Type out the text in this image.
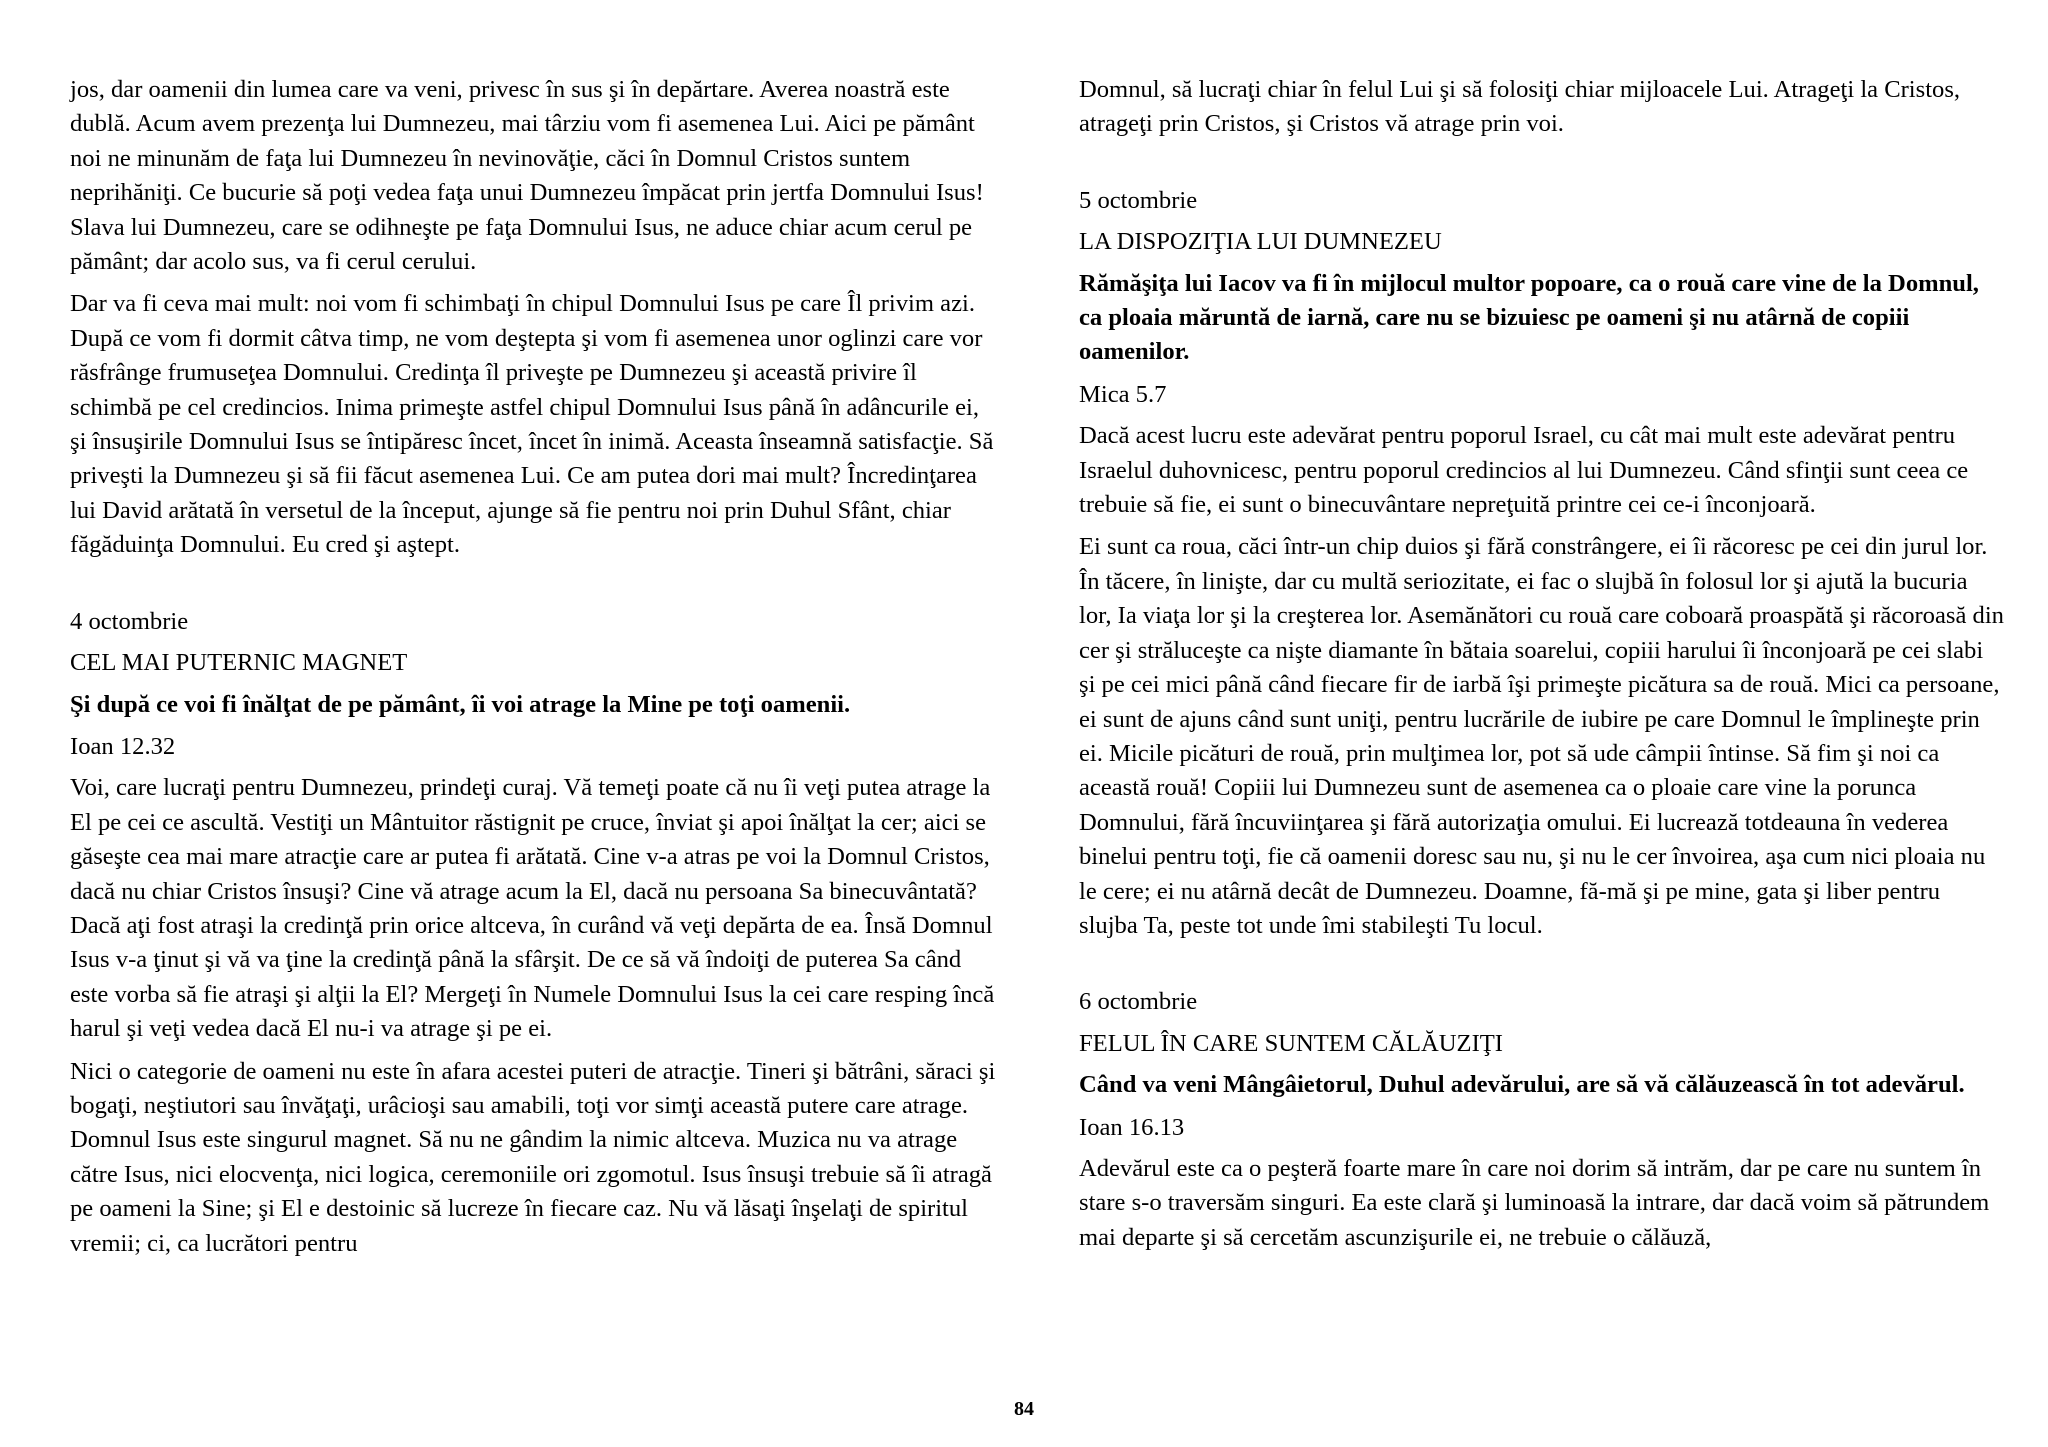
jos, dar oamenii din lumea care va veni, privesc în sus şi în depărtare. Averea noastră este dublă. Acum avem prezenţa lui Dumnezeu, mai târziu vom fi asemenea Lui. Aici pe pământ noi ne minunăm de faţa lui Dumnezeu în nevinovăţie, căci în Domnul Cristos suntem neprihăniţi. Ce bucurie să poţi vedea faţa unui Dumnezeu împăcat prin jertfa Domnului Isus! Slava lui Dumnezeu, care se odihneşte pe faţa Domnului Isus, ne aduce chiar acum cerul pe pământ; dar acolo sus, va fi cerul cerului.

Dar va fi ceva mai mult: noi vom fi schimbaţi în chipul Domnului Isus pe care Îl privim azi. După ce vom fi dormit câtva timp, ne vom deştepta şi vom fi asemenea unor oglinzi care vor răsfrânge frumuseţea Domnului. Credinţa îl priveşte pe Dumnezeu şi această privire îl schimbă pe cel credincios. Inima primeşte astfel chipul Domnului Isus până în adâncurile ei, şi însuşirile Domnului Isus se întipăresc încet, încet în inimă. Aceasta înseamnă satisfacţie. Să priveşti la Dumnezeu şi să fii făcut asemenea Lui. Ce am putea dori mai mult? Încredinţarea lui David arătată în versetul de la început, ajunge să fie pentru noi prin Duhul Sfânt, chiar făgăduinţa Domnului. Eu cred şi aştept.

4 octombrie

CEL MAI PUTERNIC MAGNET

Şi după ce voi fi înălţat de pe pământ, îi voi atrage la Mine pe toţi oamenii.

Ioan 12.32

Voi, care lucraţi pentru Dumnezeu, prindeţi curaj. Vă temeţi poate că nu îi veţi putea atrage la El pe cei ce ascultă. Vestiţi un Mântuitor răstignit pe cruce, înviat şi apoi înălţat la cer; aici se găseşte cea mai mare atracţie care ar putea fi arătată. Cine v-a atras pe voi la Domnul Cristos, dacă nu chiar Cristos însuşi? Cine vă atrage acum la El, dacă nu persoana Sa binecuvântată? Dacă aţi fost atraşi la credinţă prin orice altceva, în curând vă veţi depărta de ea. Însă Domnul Isus v-a ţinut şi vă va ţine la credinţă până la sfârşit. De ce să vă îndoiţi de puterea Sa când este vorba să fie atraşi şi alţii la El? Mergeţi în Numele Domnului Isus la cei care resping încă harul şi veţi vedea dacă El nu-i va atrage şi pe ei.

Nici o categorie de oameni nu este în afara acestei puteri de atracţie. Tineri şi bătrâni, săraci şi bogaţi, neştiutori sau învăţaţi, urâcioşi sau amabili, toţi vor simţi această putere care atrage. Domnul Isus este singurul magnet. Să nu ne gândim la nimic altceva. Muzica nu va atrage către Isus, nici elocvenţa, nici logica, ceremoniile ori zgomotul. Isus însuşi trebuie să îi atragă pe oameni la Sine; şi El e destoinic să lucreze în fiecare caz. Nu vă lăsaţi înşelaţi de spiritul vremii; ci, ca lucrători pentru

Domnul, să lucraţi chiar în felul Lui şi să folosiţi chiar mijloacele Lui. Atrageţi la Cristos, atrageţi prin Cristos, şi Cristos vă atrage prin voi.

5 octombrie

LA DISPOZIŢIA LUI DUMNEZEU

Rămăşiţa lui Iacov va fi în mijlocul multor popoare, ca o rouă care vine de la Domnul, ca ploaia măruntă de iarnă, care nu se bizuiesc pe oameni şi nu atârnă de copiii oamenilor.

Mica 5.7

Dacă acest lucru este adevărat pentru poporul Israel, cu cât mai mult este adevărat pentru Israelul duhovnicesc, pentru poporul credincios al lui Dumnezeu. Când sfinţii sunt ceea ce trebuie să fie, ei sunt o binecuvântare nepreţuită printre cei ce-i înconjoară.

Ei sunt ca roua, căci într-un chip duios şi fără constrângere, ei îi răcoresc pe cei din jurul lor. În tăcere, în linişte, dar cu multă seriozitate, ei fac o slujbă în folosul lor şi ajută la bucuria lor, Ia viaţa lor şi la creşterea lor. Asemănători cu rouă care coboară proaspătă şi răcoroasă din cer şi străluceşte ca nişte diamante în bătaia soarelui, copiii harului îi înconjoară pe cei slabi şi pe cei mici până când fiecare fir de iarbă îşi primeşte picătura sa de rouă. Mici ca persoane, ei sunt de ajuns când sunt uniţi, pentru lucrările de iubire pe care Domnul le împlineşte prin ei. Micile picături de rouă, prin mulţimea lor, pot să ude câmpii întinse. Să fim şi noi ca această rouă! Copiii lui Dumnezeu sunt de asemenea ca o ploaie care vine la porunca Domnului, fără încuviinţarea şi fără autorizaţia omului. Ei lucrează totdeauna în vederea binelui pentru toţi, fie că oamenii doresc sau nu, şi nu le cer învoirea, aşa cum nici ploaia nu le cere; ei nu atârnă decât de Dumnezeu. Doamne, fă-mă şi pe mine, gata şi liber pentru slujba Ta, peste tot unde îmi stabileşti Tu locul.

6 octombrie

FELUL ÎN CARE SUNTEM CĂLĂUZIŢI

Când va veni Mângâietorul, Duhul adevărului, are să vă călăuzească în tot adevărul.

Ioan 16.13

Adevărul este ca o peşteră foarte mare în care noi dorim să intrăm, dar pe care nu suntem în stare s-o traversăm singuri. Ea este clară şi luminoasă la intrare, dar dacă voim să pătrundem mai departe şi să cercetăm ascunzişurile ei, ne trebuie o călăuză,

84
